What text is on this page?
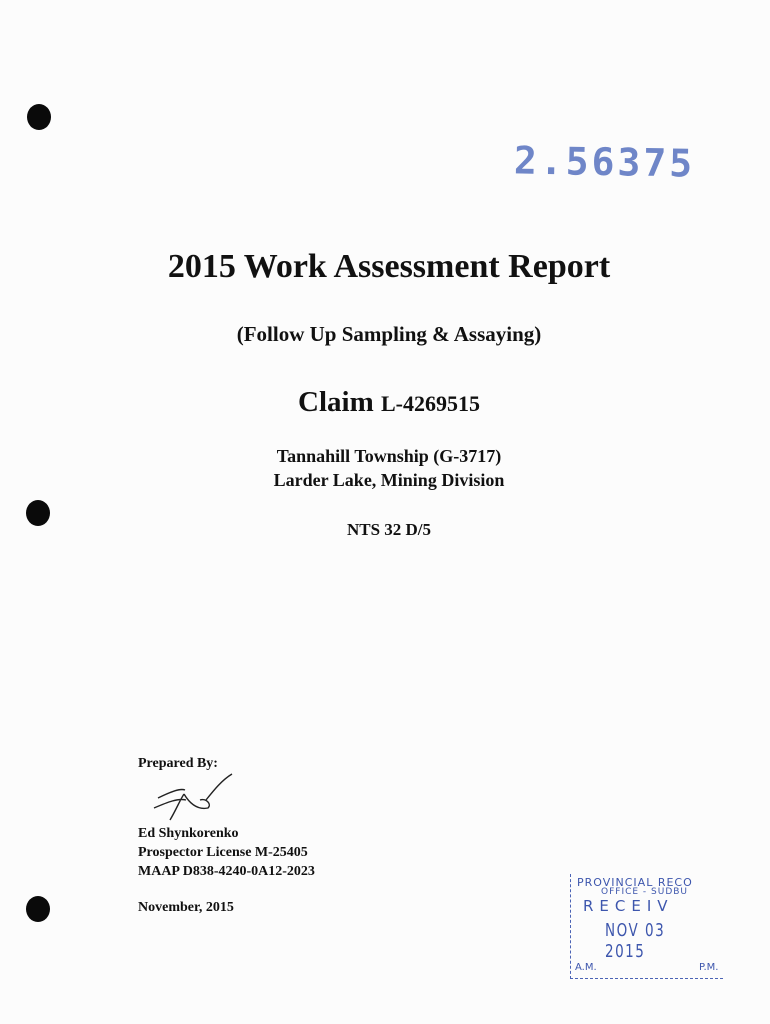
2.56375
2015 Work Assessment Report
(Follow Up Sampling & Assaying)
Claim L-4269515
Tannahill Township (G-3717)
Larder Lake, Mining Division
NTS 32 D/5
Prepared By:
Ed Shynkorenko
Prospector License M-25405
MAAP D838-4240-0A12-2023
November, 2015
PROVINCIAL RECO
OFFICE - SUDBU
RECEIV
NOV 03 2015
A.M.	P.M.
